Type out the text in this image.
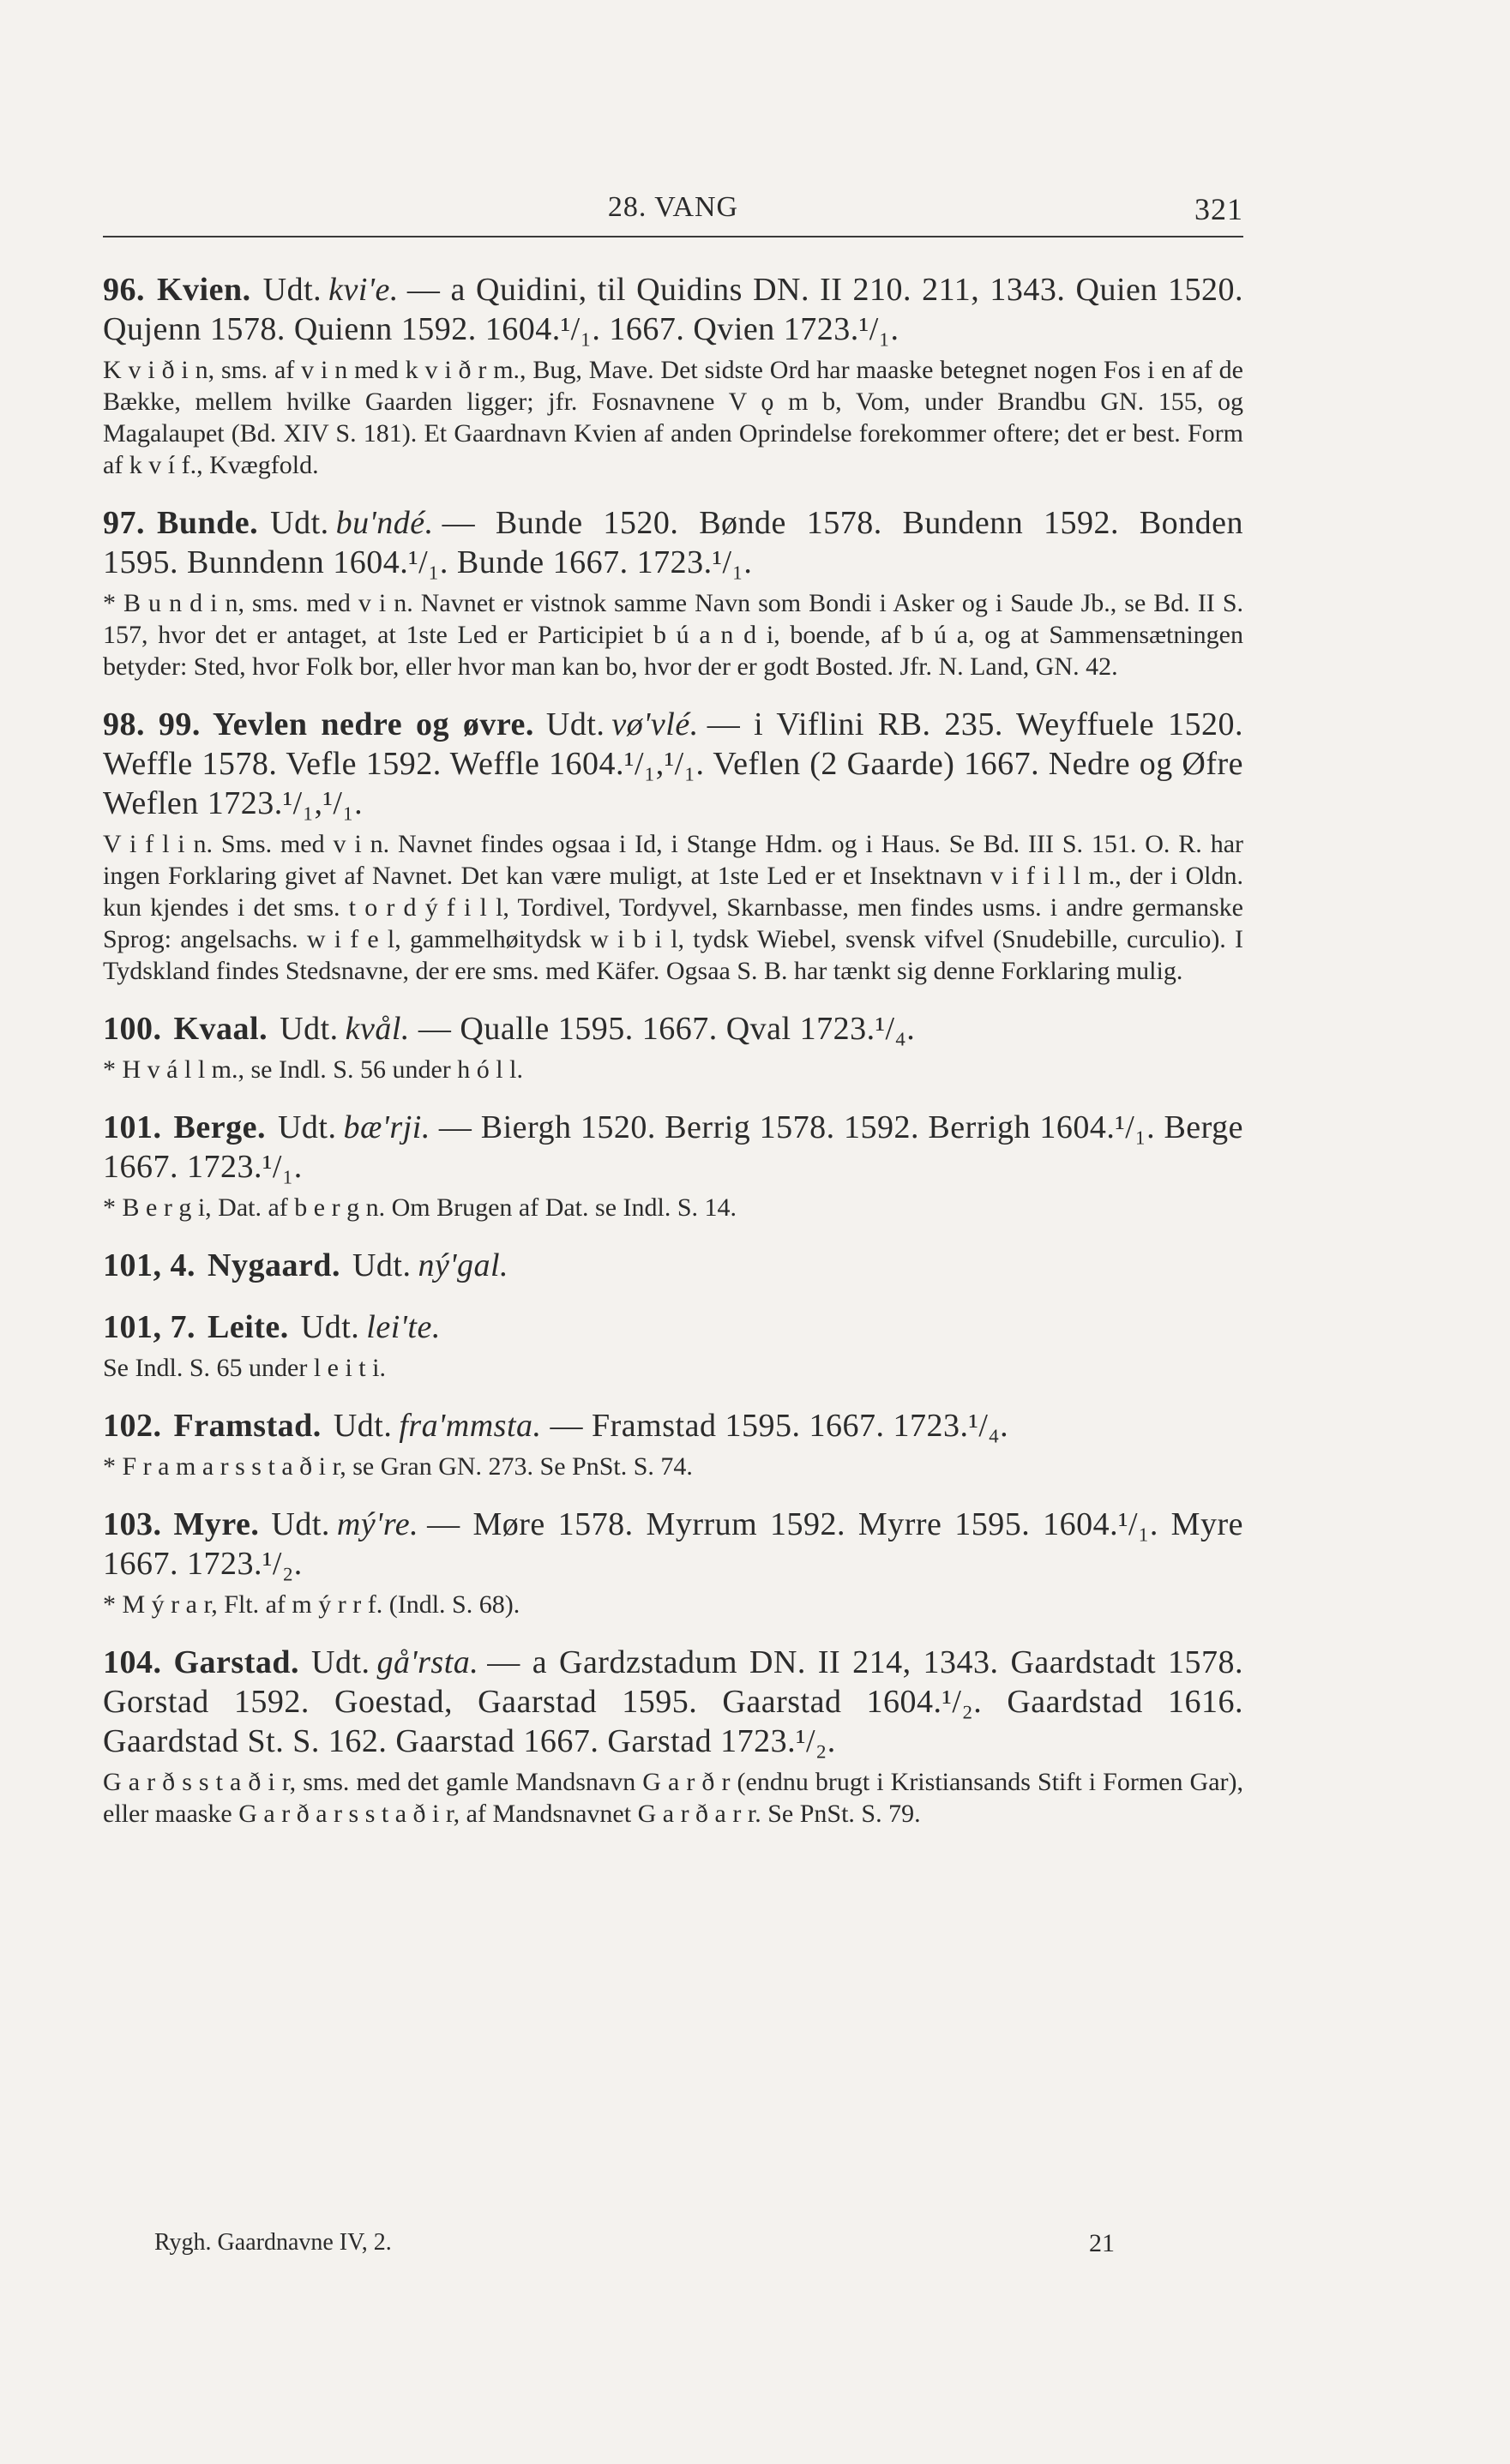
28. VANG	321
96. Kvien. Udt. kvi'e. — a Quidini, til Quidins DN. II 210. 211, 1343. Quien 1520. Qujenn 1578. Quienn 1592. 1604.¹/₁. 1667. Qvien 1723.¹/₁.
K v i ð i n, sms. af v i n med k v i ð r m., Bug, Mave. Det sidste Ord har maaske betegnet nogen Fos i en af de Bække, mellem hvilke Gaarden ligger; jfr. Fosnavnene V ǫ m b, Vom, under Brandbu GN. 155, og Magalaupet (Bd. XIV S. 181). Et Gaardnavn Kvien af anden Oprindelse forekommer oftere; det er best. Form af k v í f., Kvægfold.
97. Bunde. Udt. bu'ndé. — Bunde 1520. Bønde 1578. Bundenn 1592. Bonden 1595. Bunndenn 1604.¹/₁. Bunde 1667. 1723.¹/₁.
* B u n d i n, sms. med v i n. Navnet er vistnok samme Navn som Bondi i Asker og i Saude Jb., se Bd. II S. 157, hvor det er antaget, at 1ste Led er Participiet b ú a n d i, boende, af b ú a, og at Sammensætningen betyder: Sted, hvor Folk bor, eller hvor man kan bo, hvor der er godt Bosted. Jfr. N. Land, GN. 42.
98. 99. Yevlen nedre og øvre. Udt. vø'vlé. — i Viflini RB. 235. Weyffuele 1520. Weffle 1578. Vefle 1592. Weffle 1604.¹/₁,¹/₁. Veflen (2 Gaarde) 1667. Nedre og Øfre Weflen 1723.¹/₁,¹/₁.
V i f l i n. Sms. med v i n. Navnet findes ogsaa i Id, i Stange Hdm. og i Haus. Se Bd. III S. 151. O. R. har ingen Forklaring givet af Navnet. Det kan være muligt, at 1ste Led er et Insektnavn v i f i l l m., der i Oldn. kun kjendes i det sms. t o r d ý f i l l, Tordivel, Tordyvel, Skarnbasse, men findes usms. i andre germanske Sprog: angelsachs. w i f e l, gammelhøitydsk w i b i l, tydsk Wiebel, svensk vifvel (Snudebille, curculio). I Tydskland findes Stedsnavne, der ere sms. med Käfer. Ogsaa S. B. har tænkt sig denne Forklaring mulig.
100. Kvaal. Udt. kvål. — Qualle 1595. 1667. Qval 1723.¹/₄.
* H v á l l m., se Indl. S. 56 under h ó l l.
101. Berge. Udt. bæ'rji. — Biergh 1520. Berrig 1578. 1592. Berrigh 1604.¹/₁. Berge 1667. 1723.¹/₁.
* B e r g i, Dat. af b e r g n. Om Brugen af Dat. se Indl. S. 14.
101, 4. Nygaard. Udt. ný'gal.
101, 7. Leite. Udt. lei'te.
Se Indl. S. 65 under l e i t i.
102. Framstad. Udt. fra'mmsta. — Framstad 1595. 1667. 1723.¹/₄.
* F r a m a r s s t a ð i r, se Gran GN. 273. Se PnSt. S. 74.
103. Myre. Udt. mý're. — Møre 1578. Myrrum 1592. Myrre 1595. 1604.¹/₁. Myre 1667. 1723.¹/₂.
* M ý r a r, Flt. af m ý r r f. (Indl. S. 68).
104. Garstad. Udt. gå'rsta. — a Gardzstadum DN. II 214, 1343. Gaardstadt 1578. Gorstad 1592. Goestad, Gaarstad 1595. Gaarstad 1604.¹/₂. Gaardstad 1616. Gaardstad St. S. 162. Gaarstad 1667. Garstad 1723.¹/₂.
G a r ð s s t a ð i r, sms. med det gamle Mandsnavn G a r ð r (endnu brugt i Kristiansands Stift i Formen Gar), eller maaske G a r ð a r s s t a ð i r, af Mandsnavnet G a r ð a r r. Se PnSt. S. 79.
Rygh. Gaardnavne IV, 2.	21
